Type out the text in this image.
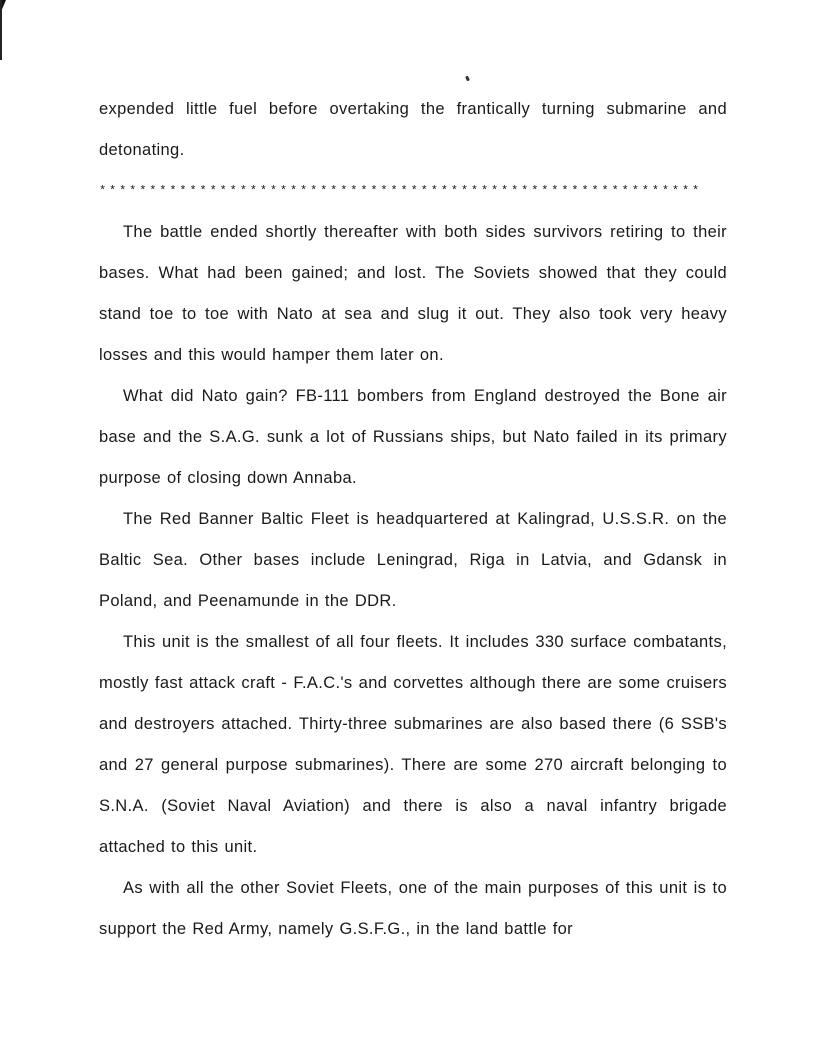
expended little fuel before overtaking the frantically turning submarine and detonating.

************************************************************

The battle ended shortly thereafter with both sides survivors retiring to their bases. What had been gained; and lost. The Soviets showed that they could stand toe to toe with Nato at sea and slug it out. They also took very heavy losses and this would hamper them later on.

What did Nato gain? FB-111 bombers from England destroyed the Bone air base and the S.A.G. sunk a lot of Russians ships, but Nato failed in its primary purpose of closing down Annaba.

The Red Banner Baltic Fleet is headquartered at Kalingrad, U.S.S.R. on the Baltic Sea. Other bases include Leningrad, Riga in Latvia, and Gdansk in Poland, and Peenamunde in the DDR.

This unit is the smallest of all four fleets. It includes 330 surface combatants, mostly fast attack craft - F.A.C.'s and corvettes although there are some cruisers and destroyers attached. Thirty-three submarines are also based there (6 SSB's and 27 general purpose submarines). There are some 270 aircraft belonging to S.N.A. (Soviet Naval Aviation) and there is also a naval infantry brigade attached to this unit.

As with all the other Soviet Fleets, one of the main purposes of this unit is to support the Red Army, namely G.S.F.G., in the land battle for
